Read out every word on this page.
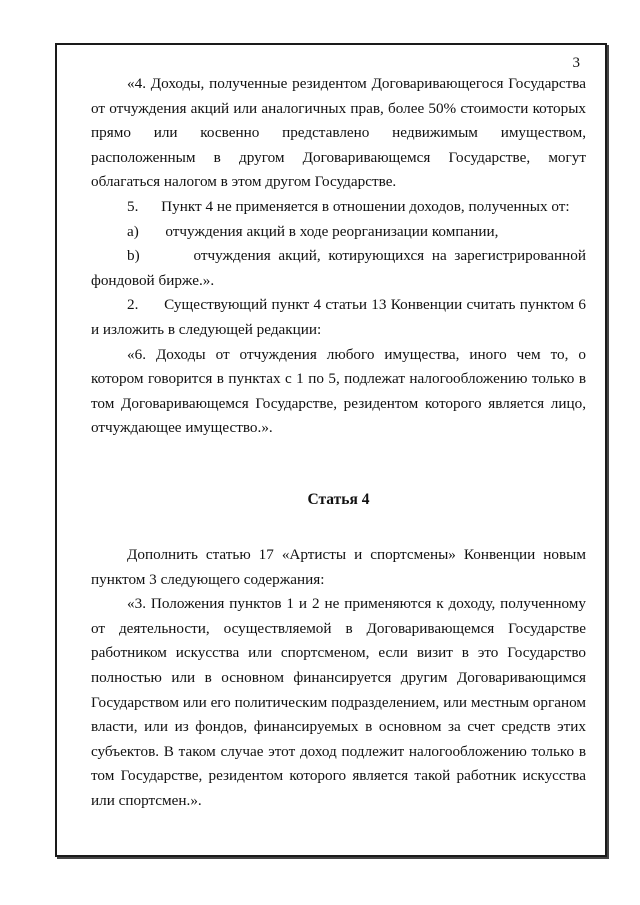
3

«4. Доходы, полученные резидентом Договаривающегося Государства от отчуждения акций или аналогичных прав, более 50% стоимости которых прямо или косвенно представлено недвижимым имуществом, расположенным в другом Договаривающемся Государстве, могут облагаться налогом в этом другом Государстве.

5. Пункт 4 не применяется в отношении доходов, полученных от:

a) отчуждения акций в ходе реорганизации компании,

b)	отчуждения акций, котирующихся на зарегистрированной фондовой бирже.».

2. Существующий пункт 4 статьи 13 Конвенции считать пунктом 6 и изложить в следующей редакции:

«6. Доходы от отчуждения любого имущества, иного чем то, о котором говорится в пунктах с 1 по 5, подлежат налогообложению только в том Договаривающемся Государстве, резидентом которого является лицо, отчуждающее имущество.».

Статья 4

Дополнить статью 17 «Артисты и спортсмены» Конвенции новым пунктом 3 следующего содержания:

«3. Положения пунктов 1 и 2 не применяются к доходу, полученному от деятельности, осуществляемой в Договаривающемся Государстве работником искусства или спортсменом, если визит в это Государство полностью или в основном финансируется другим Договаривающимся Государством или его политическим подразделением, или местным органом власти, или из фондов, финансируемых в основном за счет средств этих субъектов. В таком случае этот доход подлежит налогообложению только в том Государстве, резидентом которого является такой работник искусства или спортсмен.».
